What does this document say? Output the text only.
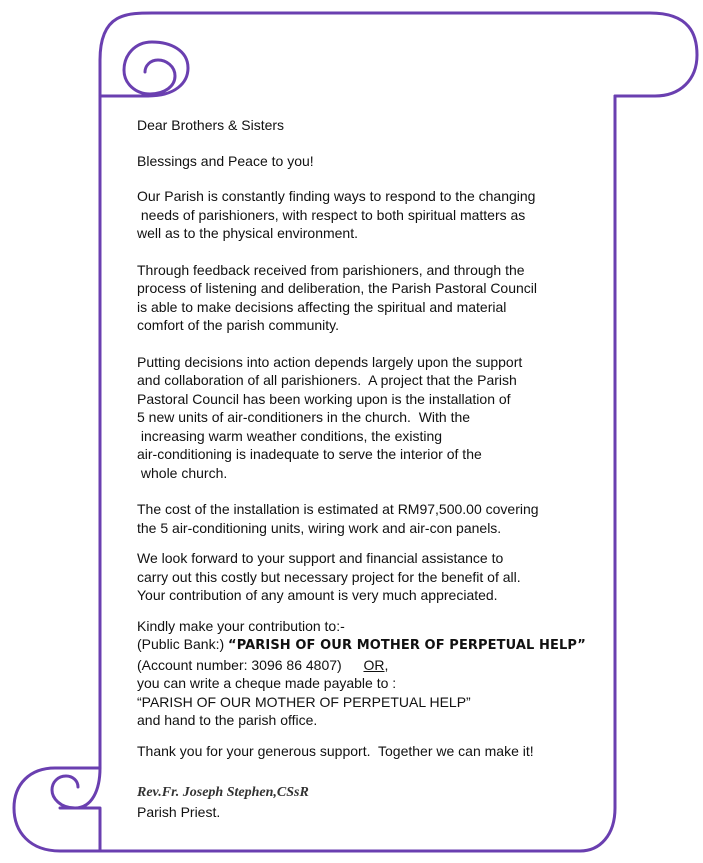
Dear Brothers & Sisters

Blessings and Peace to you!

Our Parish is constantly finding ways to respond to the changing

needs of parishioners, with respect to both spiritual matters as

well as to the physical environment.

Through feedback received from parishioners, and through the

process of listening and deliberation, the Parish Pastoral Council

is able to make decisions affecting the spiritual and material

comfort of the parish community.

Putting decisions into action depends largely upon the support

and collaboration of all parishioners.  A project that the Parish

Pastoral Council has been working upon is the installation of

5 new units of air-conditioners in the church.  With the

increasing warm weather conditions, the existing

air-conditioning is inadequate to serve the interior of the

whole church.

The cost of the installation is estimated at RM97,500.00 covering

the 5 air-conditioning units, wiring work and air-con panels.

We look forward to your support and financial assistance to

carry out this costly but necessary project for the benefit of all.

Your contribution of any amount is very much appreciated.

Kindly make your contribution to:-

(Public Bank:) “PARISH OF OUR MOTHER OF PERPETUAL HELP”

(Account number: 3096 86 4807) OR,

you can write a cheque made payable to :

“PARISH OF OUR MOTHER OF PERPETUAL HELP”

and hand to the parish office.

Thank you for your generous support.  Together we can make it!

Rev.Fr. Joseph Stephen,CSsR

Parish Priest.
